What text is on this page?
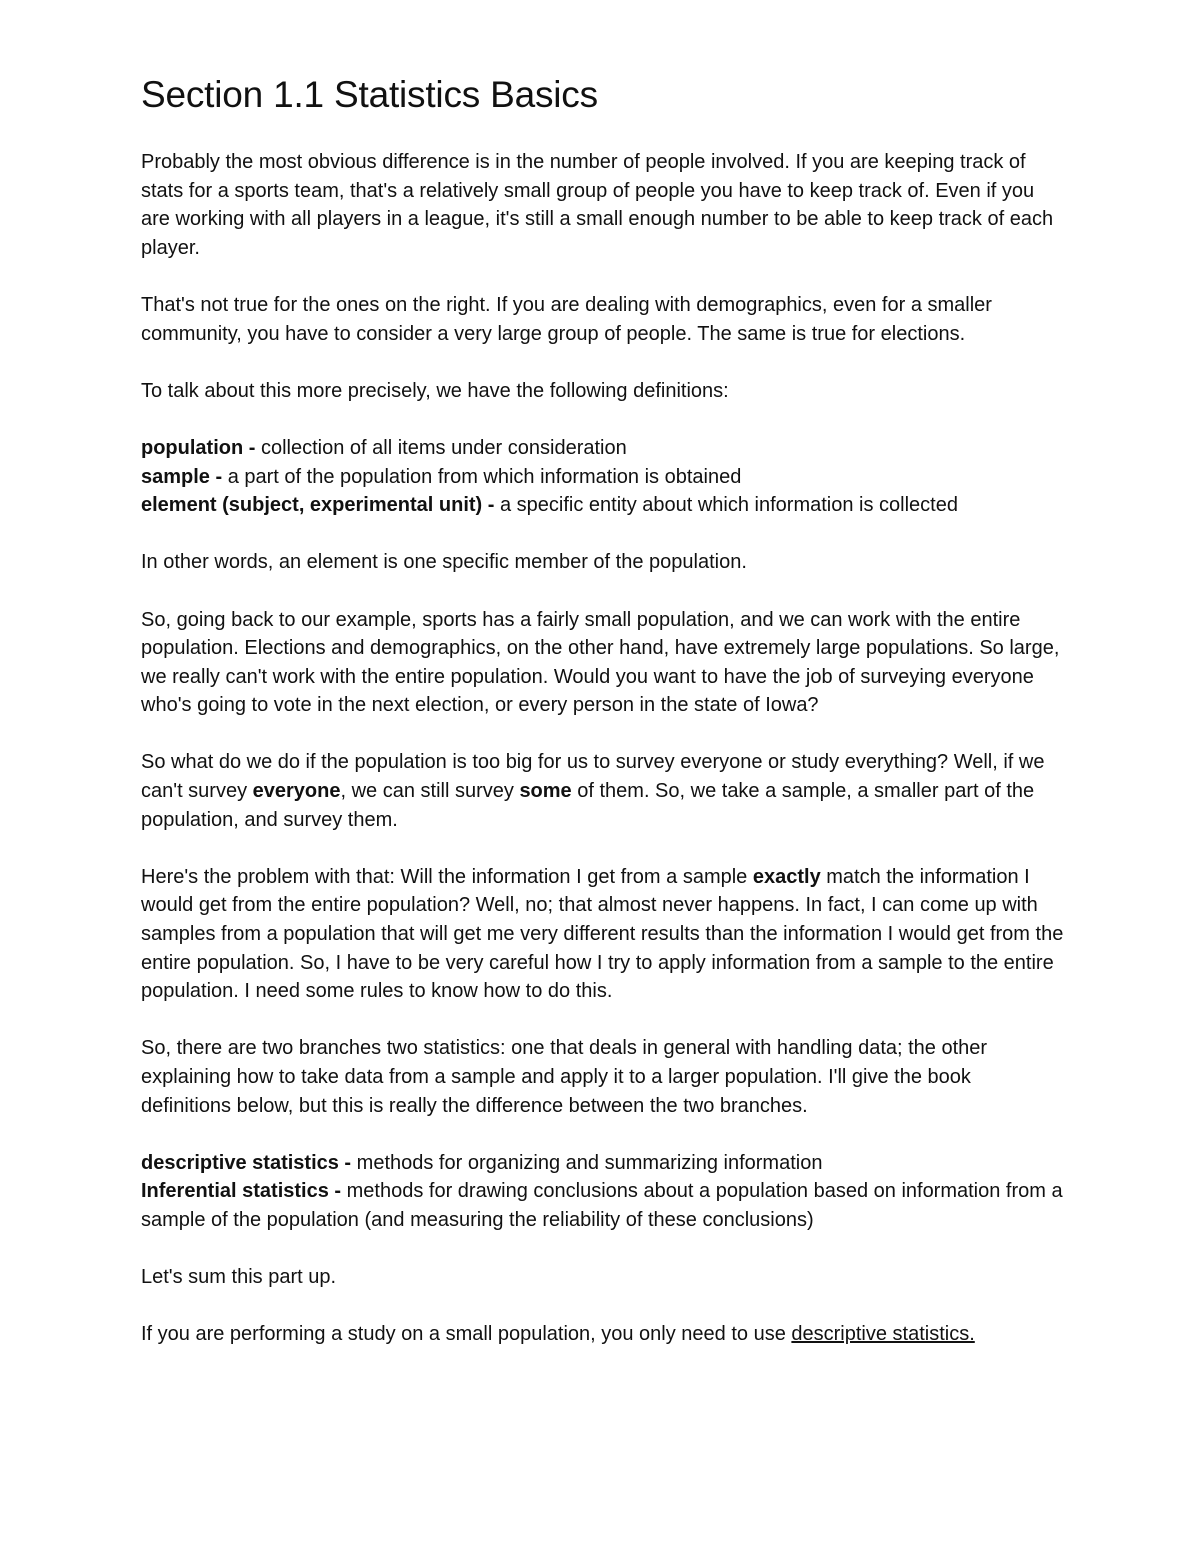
Section 1.1 Statistics Basics

Probably the most obvious difference is in the number of people involved. If you are keeping track of stats for a sports team, that's a relatively small group of people you have to keep track of. Even if you are working with all players in a league, it's still a small enough number to be able to keep track of each player.

That's not true for the ones on the right. If you are dealing with demographics, even for a smaller community, you have to consider a very large group of people. The same is true for elections.

To talk about this more precisely, we have the following definitions:

population - collection of all items under consideration
sample - a part of the population from which information is obtained
element (subject, experimental unit) - a specific entity about which information is collected

In other words, an element is one specific member of the population.

So, going back to our example, sports has a fairly small population, and we can work with the entire population. Elections and demographics, on the other hand, have extremely large populations. So large, we really can't work with the entire population. Would you want to have the job of surveying everyone who's going to vote in the next election, or every person in the state of Iowa?

So what do we do if the population is too big for us to survey everyone or study everything? Well, if we can't survey everyone, we can still survey some of them. So, we take a sample, a smaller part of the population, and survey them.

Here's the problem with that: Will the information I get from a sample exactly match the information I would get from the entire population? Well, no; that almost never happens. In fact, I can come up with samples from a population that will get me very different results than the information I would get from the entire population. So, I have to be very careful how I try to apply information from a sample to the entire population. I need some rules to know how to do this.

So, there are two branches two statistics: one that deals in general with handling data; the other explaining how to take data from a sample and apply it to a larger population. I'll give the book definitions below, but this is really the difference between the two branches.

descriptive statistics - methods for organizing and summarizing information
Inferential statistics - methods for drawing conclusions about a population based on information from a sample of the population (and measuring the reliability of these conclusions)

Let's sum this part up.

If you are performing a study on a small population, you only need to use descriptive statistics.
